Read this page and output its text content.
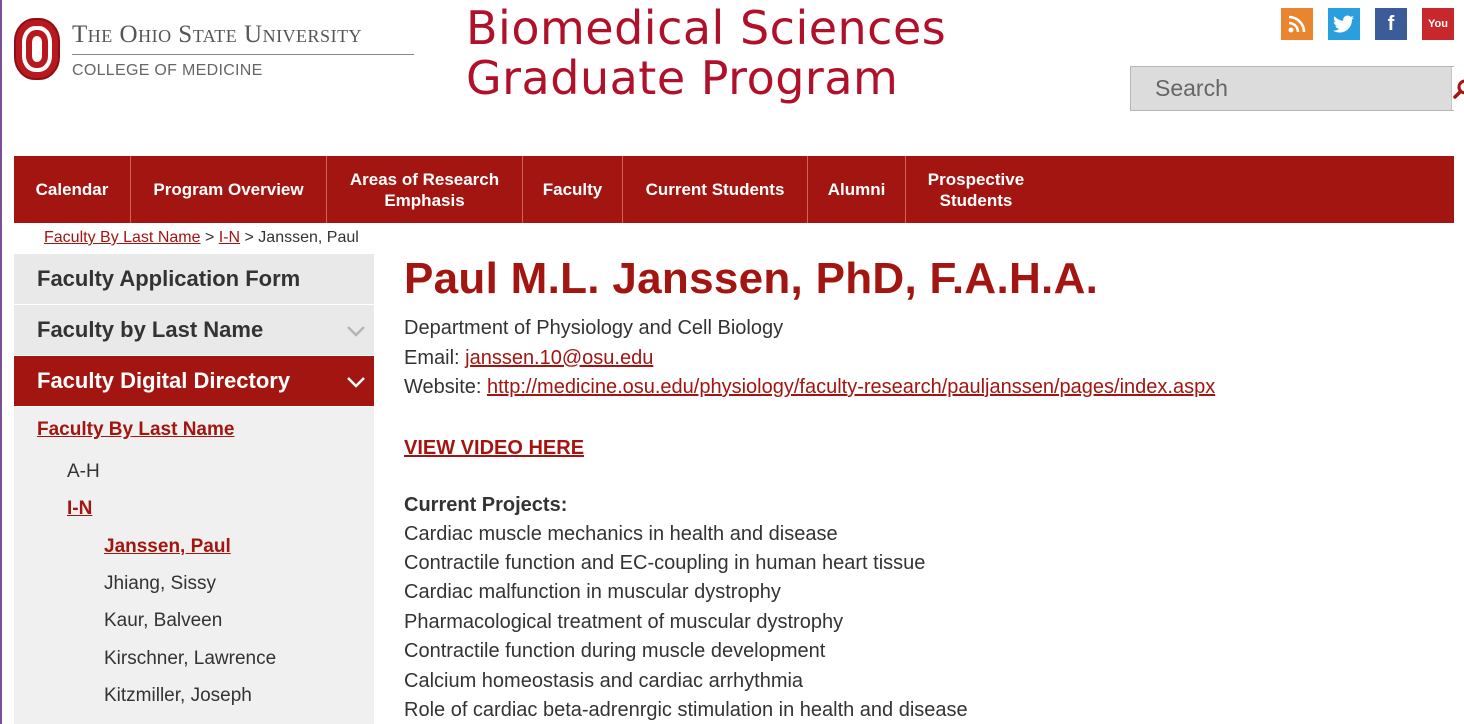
The Ohio State University
COLLEGE OF MEDICINE
Biomedical Sciences
Graduate Program
f	You
Search
Calendar	Program Overview
Areas of Research Emphasis
Faculty	Current Students	Alumni
Prospective Students
Faculty By Last Name > I-N > Janssen, Paul
Faculty Application Form
Faculty by Last Name
Faculty Digital Directory
Faculty By Last Name
A-H
I-N
Janssen, Paul
Jhiang, Sissy
Kaur, Balveen
Kirschner, Lawrence
Kitzmiller, Joseph
Paul M.L. Janssen, PhD, F.A.H.A.
Department of Physiology and Cell Biology
Email: janssen.10@osu.edu
Website: http://medicine.osu.edu/physiology/faculty-research/pauljanssen/pages/index.aspx
VIEW VIDEO HERE
Current Projects:
Cardiac muscle mechanics in health and disease
Contractile function and EC-coupling in human heart tissue
Cardiac malfunction in muscular dystrophy
Pharmacological treatment of muscular dystrophy
Contractile function during muscle development
Calcium homeostasis and cardiac arrhythmia
Role of cardiac beta-adrenrgic stimulation in health and disease
